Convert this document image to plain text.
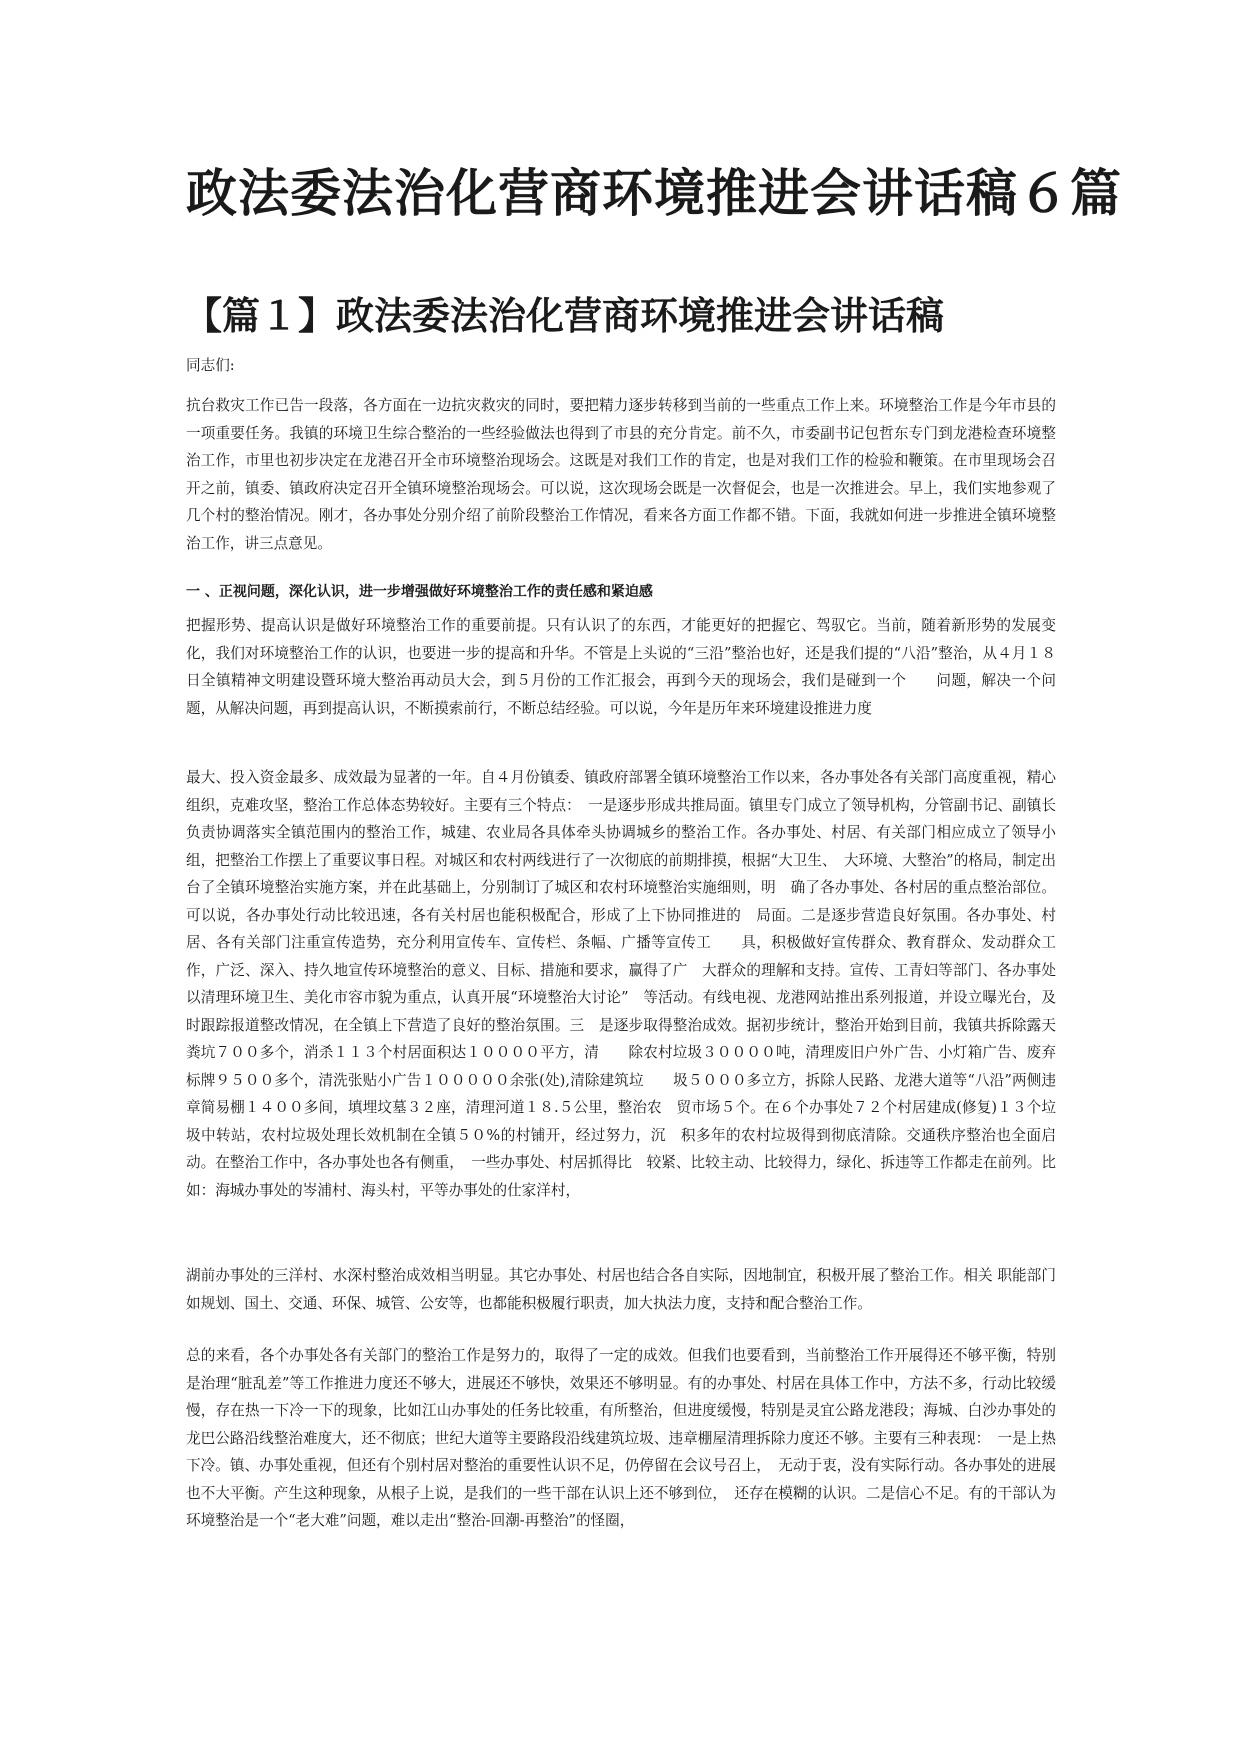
政法委法治化营商环境推进会讲话稿６篇
【篇１】政法委法治化营商环境推进会讲话稿

同志们:

抗台救灾工作已告一段落，各方面在一边抗灾救灾的同时，要把精力逐步转移到当前的一些重点工作上来。环境整治工作是今年市县的一项重要任务。我镇的环境卫生综合整治的一些经验做法也得到了市县的充分肯定。前不久，市委副书记包哲东专门到龙港检查环境整治工作，市里也初步决定在龙港召开全市环境整治现场会。这既是对我们工作的肯定，也是对我们工作的检验和鞭策。在市里现场会召开之前，镇委、镇政府决定召开全镇环境整治现场会。可以说，这次现场会既是一次督促会，也是一次推进会。早上，我们实地参观了几个村的整治情况。刚才，各办事处分别介绍了前阶段整治工作情况，看来各方面工作都不错。下面，我就如何进一步推进全镇环境整治工作，讲三点意见。

一 、正视问题，深化认识，进一步增强做好环境整治工作的责任感和紧迫感

把握形势、提高认识是做好环境整治工作的重要前提。只有认识了的东西，才能更好的把握它、驾驭它。当前，随着新形势的发展变化，我们对环境整治工作的认识，也要进一步的提高和升华。不管是上头说的“三沿”整治也好，还是我们提的“八沿”整治，从４月１８日全镇精神文明建设暨环境大整治再动员大会，到５月份的工作汇报会，再到今天的现场会，我们是碰到一个　　问题，解决一个问题，从解决问题，再到提高认识，不断摸索前行，不断总结经验。可以说，今年是历年来环境建设推进力度

最大、投入资金最多、成效最为显著的一年。自４月份镇委、镇政府部署全镇环境整治工作以来，各办事处各有关部门高度重视，精心组织，克难攻坚，整治工作总体态势较好。主要有三个特点：　一是逐步形成共推局面。镇里专门成立了领导机构，分管副书记、副镇长负责协调落实全镇范围内的整治工作，城建、农业局各具体牵头协调城乡的整治工作。各办事处、村居、有关部门相应成立了领导小组，把整治工作摆上了重要议事日程。对城区和农村两线进行了一次彻底的前期排摸，根据“大卫生、　大环境、大整治”的格局，制定出台了全镇环境整治实施方案，并在此基础上，分别制订了城区和农村环境整治实施细则，明　确了各办事处、各村居的重点整治部位。可以说，各办事处行动比较迅速，各有关村居也能积极配合，形成了上下协同推进的　局面。二是逐步营造良好氛围。各办事处、村居、各有关部门注重宣传造势，充分利用宣传车、宣传栏、条幅、广播等宣传工　　具，积极做好宣传群众、教育群众、发动群众工作，广泛、深入、持久地宣传环境整治的意义、目标、措施和要求，赢得了广　大群众的理解和支持。宣传、工青妇等部门、各办事处以清理环境卫生、美化市容市貌为重点，认真开展“环境整治大讨论”　等活动。有线电视、龙港网站推出系列报道，并设立曝光台，及时跟踪报道整改情况，在全镇上下营造了良好的整治氛围。三　是逐步取得整治成效。据初步统计，整治开始到目前，我镇共拆除露天粪坑７００多个，消杀１１３个村居面积达１００００平方，清　　除农村垃圾３００００吨，清理废旧户外广告、小灯箱广告、废弃标牌９５００多个，清洗张贴小广告１０００００余张(处),清除建筑垃　　圾５０００多立方，拆除人民路、龙港大道等“八沿”两侧违章简易棚１４００多间，填埋坟墓３２座，清理河道１８.５公里，整治农　贸市场５个。在６个办事处７２个村居建成(修复)１３个垃圾中转站，农村垃圾处理长效机制在全镇５０%的村铺开，经过努力，沉　积多年的农村垃圾得到彻底清除。交通秩序整治也全面启动。在整治工作中，各办事处也各有侧重，　一些办事处、村居抓得比　较紧、比较主动、比较得力，绿化、拆违等工作都走在前列。比如：海城办事处的岑浦村、海头村，平等办事处的仕家洋村，

湖前办事处的三洋村、水深村整治成效相当明显。其它办事处、村居也结合各自实际，因地制宜，积极开展了整治工作。相关 职能部门如规划、国土、交通、环保、城管、公安等，也都能积极履行职责，加大执法力度，支持和配合整治工作。

总的来看，各个办事处各有关部门的整治工作是努力的，取得了一定的成效。但我们也要看到，当前整治工作开展得还不够平衡，特别是治理“脏乱差”等工作推进力度还不够大，进展还不够快，效果还不够明显。有的办事处、村居在具体工作中，方法不多，行动比较缓慢，存在热一下冷一下的现象，比如江山办事处的任务比较重，有所整治，但进度缓慢，特别是灵宜公路龙港段；海城、白沙办事处的龙巴公路沿线整治难度大，还不彻底；世纪大道等主要路段沿线建筑垃圾、违章棚屋清理拆除力度还不够。主要有三种表现：　一是上热下冷。镇、办事处重视，但还有个别村居对整治的重要性认识不足，仍停留在会议号召上，　无动于衷，没有实际行动。各办事处的进展也不大平衡。产生这种现象，从根子上说，是我们的一些干部在认识上还不够到位，　还存在模糊的认识。二是信心不足。有的干部认为环境整治是一个“老大难”问题，难以走出“整治-回潮-再整治”的怪圈，
